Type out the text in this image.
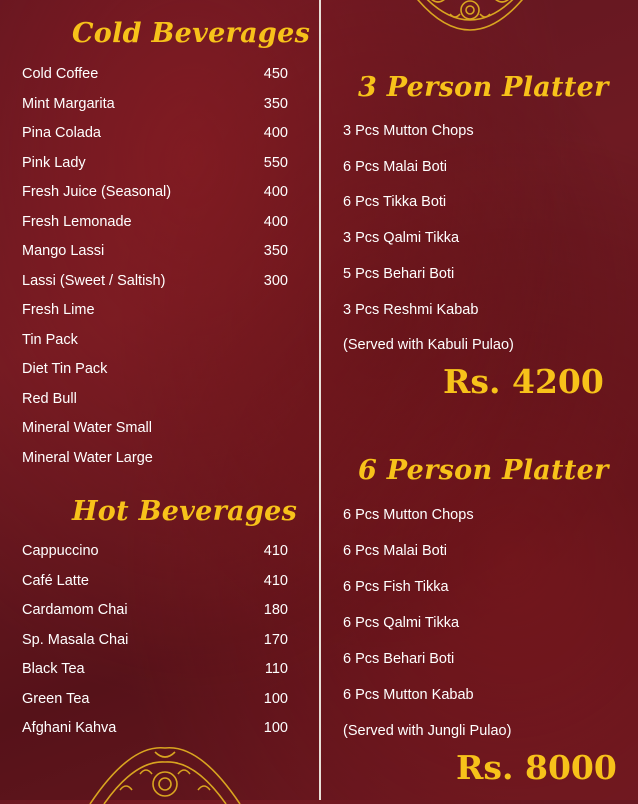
Cold Beverages
Cold Coffee	450
Mint Margarita	350
Pina Colada	400
Pink Lady	550
Fresh Juice (Seasonal)	400
Fresh Lemonade	400
Mango Lassi	350
Lassi (Sweet / Saltish)	300
Fresh Lime
Tin Pack
Diet Tin Pack
Red Bull
Mineral Water Small
Mineral Water Large
Hot Beverages
Cappuccino	410
Café Latte	410
Cardamom Chai	180
Sp. Masala Chai	170
Black Tea	110
Green Tea	100
Afghani Kahva	100
3 Person Platter
3 Pcs Mutton Chops
6 Pcs Malai Boti
6 Pcs Tikka Boti
3 Pcs Qalmi Tikka
5 Pcs Behari Boti
3 Pcs Reshmi Kabab
(Served with Kabuli Pulao)
Rs. 4200
6 Person Platter
6 Pcs Mutton Chops
6 Pcs Malai Boti
6 Pcs Fish Tikka
6 Pcs Qalmi Tikka
6 Pcs Behari Boti
6 Pcs Mutton Kabab
(Served with Jungli Pulao)
Rs. 8000
